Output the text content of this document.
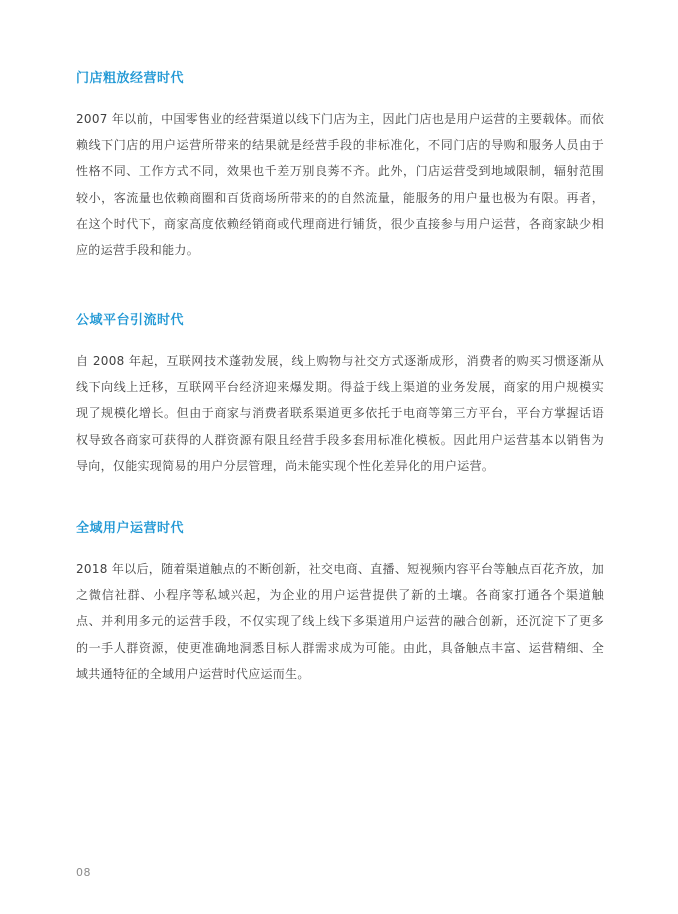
门店粗放经营时代

2007 年以前，中国零售业的经营渠道以线下门店为主，因此门店也是用户运营的主要载体。而依赖线下门店的用户运营所带来的结果就是经营手段的非标准化，不同门店的导购和服务人员由于性格不同、工作方式不同，效果也千差万别良莠不齐。此外，门店运营受到地域限制，辐射范围较小，客流量也依赖商圈和百货商场所带来的的自然流量，能服务的用户量也极为有限。再者，在这个时代下，商家高度依赖经销商或代理商进行铺货，很少直接参与用户运营，各商家缺少相应的运营手段和能力。

公域平台引流时代

自 2008 年起，互联网技术蓬勃发展，线上购物与社交方式逐渐成形，消费者的购买习惯逐渐从线下向线上迁移，互联网平台经济迎来爆发期。得益于线上渠道的业务发展，商家的用户规模实现了规模化增长。但由于商家与消费者联系渠道更多依托于电商等第三方平台，平台方掌握话语权导致各商家可获得的人群资源有限且经营手段多套用标准化模板。因此用户运营基本以销售为导向，仅能实现简易的用户分层管理，尚未能实现个性化差异化的用户运营。

全域用户运营时代

2018 年以后，随着渠道触点的不断创新，社交电商、直播、短视频内容平台等触点百花齐放，加之微信社群、小程序等私域兴起，为企业的用户运营提供了新的土壤。各商家打通各个渠道触点、并利用多元的运营手段，不仅实现了线上线下多渠道用户运营的融合创新，还沉淀下了更多的一手人群资源，使更准确地洞悉目标人群需求成为可能。由此，具备触点丰富、运营精细、全域共通特征的全域用户运营时代应运而生。

08
